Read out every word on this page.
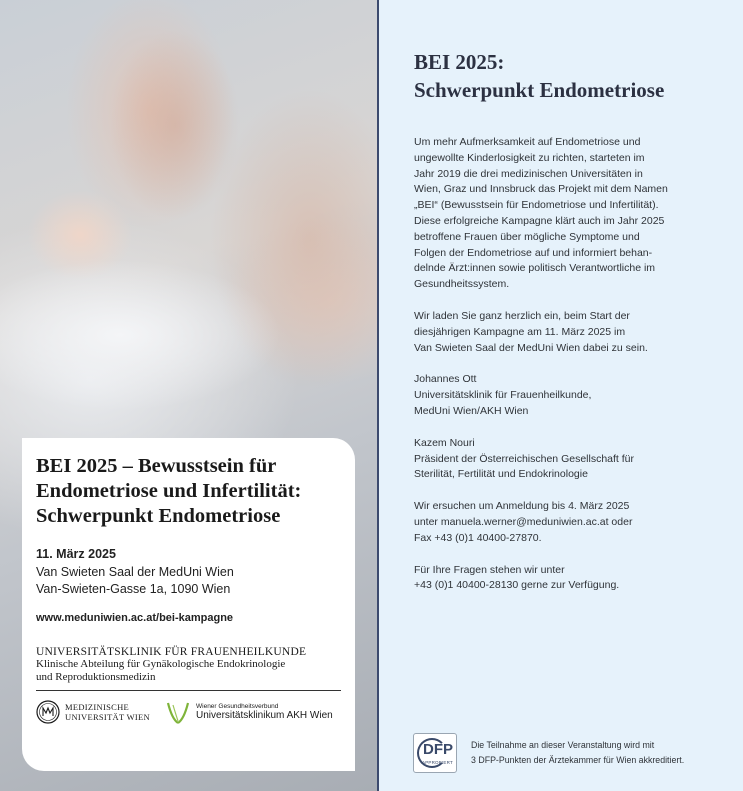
BEI 2025 – Bewusstsein für
Endometriose und Infertilität:
Schwerpunkt Endometriose
11. März 2025
Van Swieten Saal der MedUni Wien
Van-Swieten-Gasse 1a, 1090 Wien
www.meduniwien.ac.at/bei-kampagne
UNIVERSITÄTSKLINIK FÜR FRAUENHEILKUNDE
Klinische Abteilung für Gynäkologische Endokrinologie
und Reproduktionsmedizin
MEDIZINISCHE
UNIVERSITÄT WIEN
Wiener Gesundheitsverbund
Universitätsklinikum AKH Wien
BEI 2025:
Schwerpunkt Endometriose
Um mehr Aufmerksamkeit auf Endometriose und
ungewollte Kinderlosigkeit zu richten, starteten im
Jahr 2019 die drei medizinischen Universitäten in
Wien, Graz und Innsbruck das Projekt mit dem Namen
„BEI“ (Bewusstsein für Endometriose und Infertilität).
Diese erfolgreiche Kampagne klärt auch im Jahr 2025
betroffene Frauen über mögliche Symptome und
Folgen der Endometriose auf und informiert behan-
delnde Ärzt:innen sowie politisch Verantwortliche im
Gesundheitssystem.
Wir laden Sie ganz herzlich ein, beim Start der
diesjährigen Kampagne am 11. März 2025 im
Van Swieten Saal der MedUni Wien dabei zu sein.
Johannes Ott
Universitätsklinik für Frauenheilkunde,
MedUni Wien/AKH Wien
Kazem Nouri
Präsident der Österreichischen Gesellschaft für
Sterilität, Fertilität und Endokrinologie
Wir ersuchen um Anmeldung bis 4. März 2025
unter manuela.werner@meduniwien.ac.at oder
Fax +43 (0)1 40400-27870.
Für Ihre Fragen stehen wir unter
+43 (0)1 40400-28130 gerne zur Verfügung.
DFP
APPROBIERT
Die Teilnahme an dieser Veranstaltung wird mit
3 DFP-Punkten der Ärztekammer für Wien akkreditiert.
